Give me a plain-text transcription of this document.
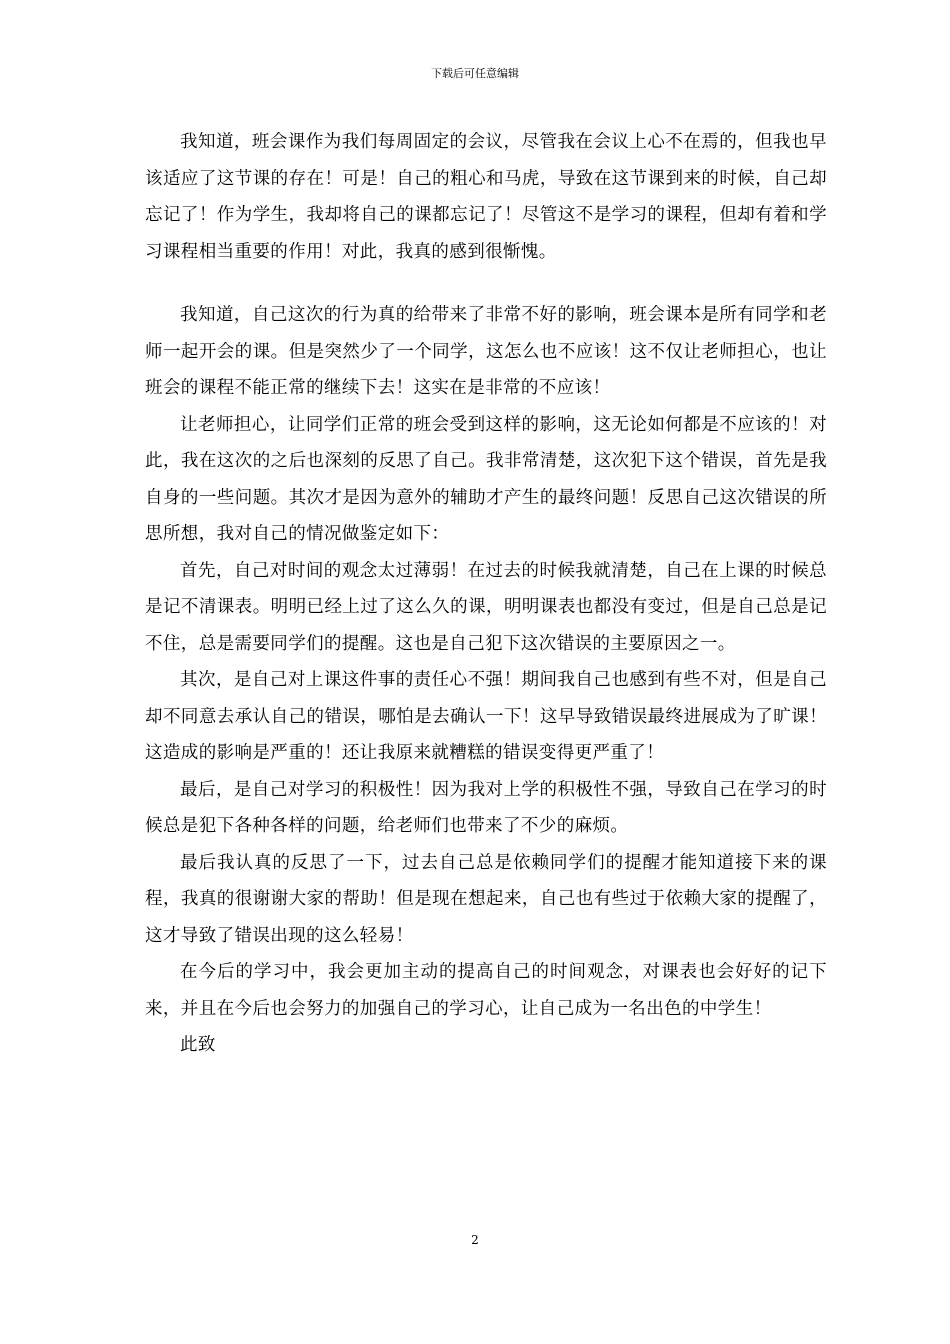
下载后可任意编辑

我知道，班会课作为我们每周固定的会议，尽管我在会议上心不在焉的，但我也早该适应了这节课的存在！可是！自己的粗心和马虎，导致在这节课到来的时候，自己却忘记了！作为学生，我却将自己的课都忘记了！尽管这不是学习的课程，但却有着和学习课程相当重要的作用！对此，我真的感到很惭愧。

我知道，自己这次的行为真的给带来了非常不好的影响，班会课本是所有同学和老师一起开会的课。但是突然少了一个同学，这怎么也不应该！这不仅让老师担心，也让班会的课程不能正常的继续下去！这实在是非常的不应该！

让老师担心，让同学们正常的班会受到这样的影响，这无论如何都是不应该的！对此，我在这次的之后也深刻的反思了自己。我非常清楚，这次犯下这个错误，首先是我自身的一些问题。其次才是因为意外的辅助才产生的最终问题！反思自己这次错误的所思所想，我对自己的情况做鉴定如下：

首先，自己对时间的观念太过薄弱！在过去的时候我就清楚，自己在上课的时候总是记不清课表。明明已经上过了这么久的课，明明课表也都没有变过，但是自己总是记不住，总是需要同学们的提醒。这也是自己犯下这次错误的主要原因之一。

其次，是自己对上课这件事的责任心不强！期间我自己也感到有些不对，但是自己却不同意去承认自己的错误，哪怕是去确认一下！这早导致错误最终进展成为了旷课！这造成的影响是严重的！还让我原来就糟糕的错误变得更严重了！

最后，是自己对学习的积极性！因为我对上学的积极性不强，导致自己在学习的时候总是犯下各种各样的问题，给老师们也带来了不少的麻烦。

最后我认真的反思了一下，过去自己总是依赖同学们的提醒才能知道接下来的课程，我真的很谢谢大家的帮助！但是现在想起来，自己也有些过于依赖大家的提醒了，这才导致了错误出现的这么轻易！

在今后的学习中，我会更加主动的提高自己的时间观念，对课表也会好好的记下来，并且在今后也会努力的加强自己的学习心，让自己成为一名出色的中学生！

此致

2
